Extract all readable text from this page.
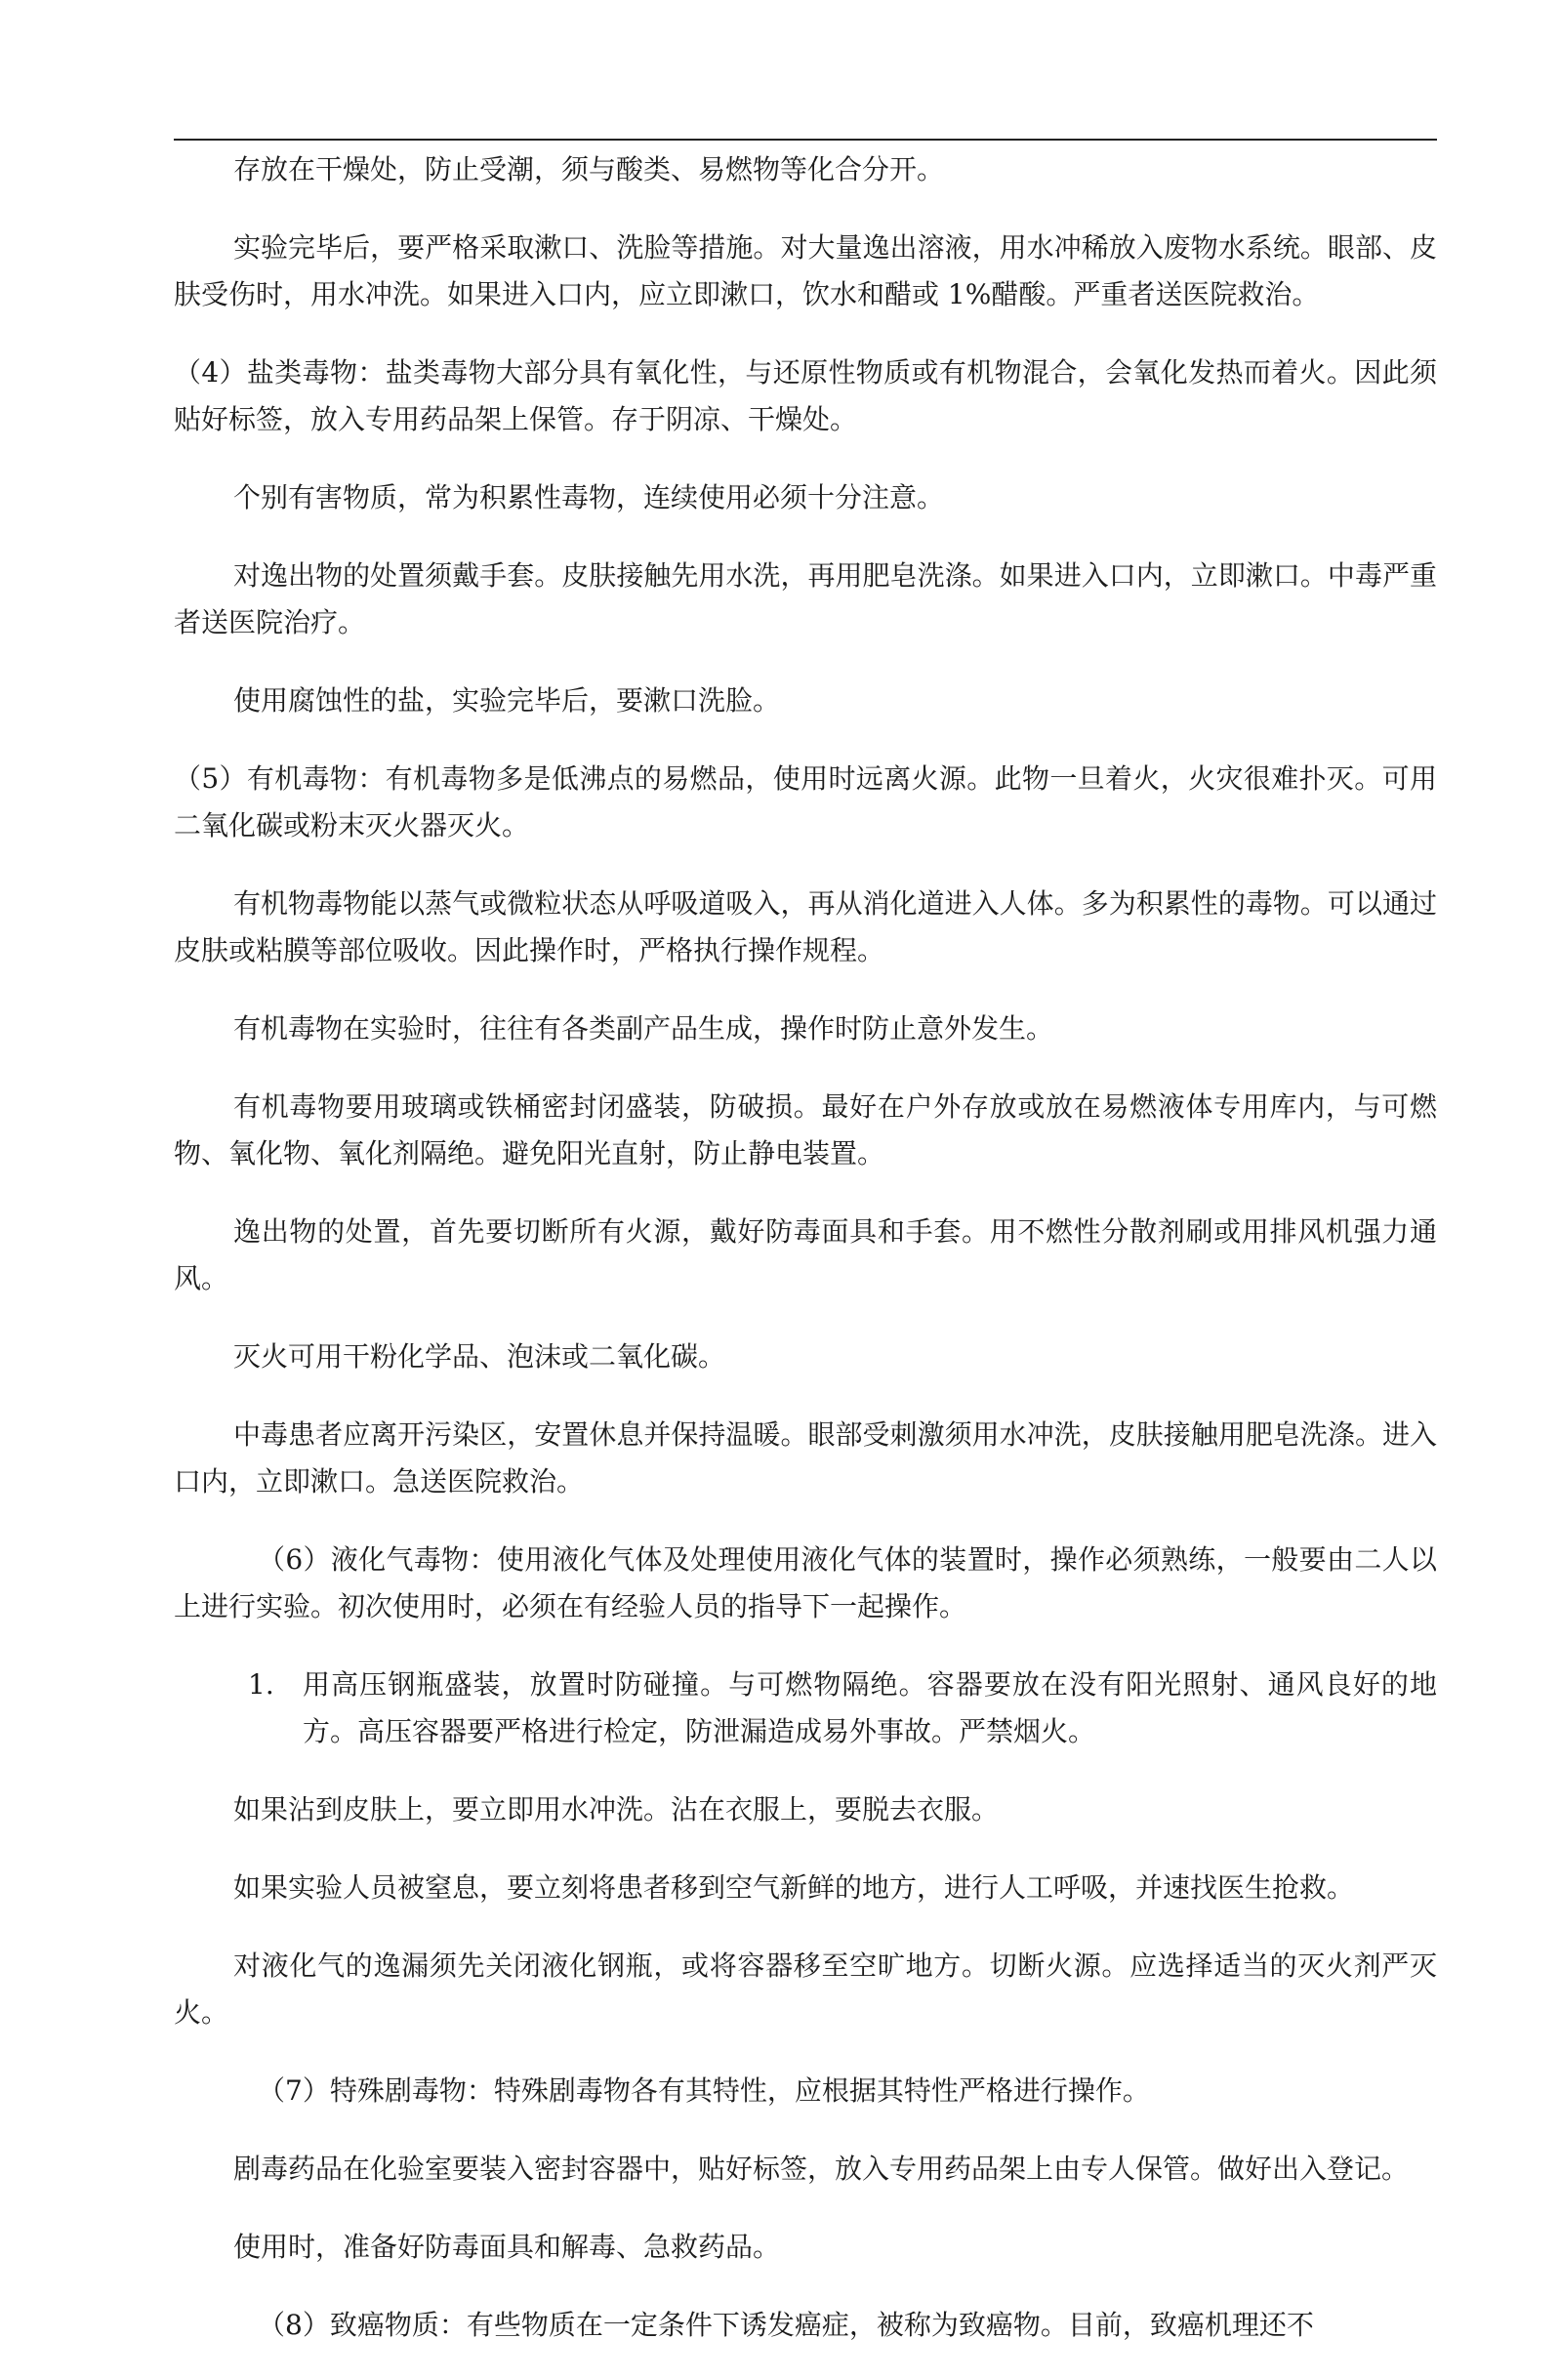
存放在干燥处，防止受潮，须与酸类、易燃物等化合分开。

实验完毕后，要严格采取漱口、洗脸等措施。对大量逸出溶液，用水冲稀放入废物水系统。眼部、皮肤受伤时，用水冲洗。如果进入口内，应立即漱口，饮水和醋或 1%醋酸。严重者送医院救治。

（4）盐类毒物：盐类毒物大部分具有氧化性，与还原性物质或有机物混合，会氧化发热而着火。因此须贴好标签，放入专用药品架上保管。存于阴凉、干燥处。

个别有害物质，常为积累性毒物，连续使用必须十分注意。

对逸出物的处置须戴手套。皮肤接触先用水洗，再用肥皂洗涤。如果进入口内，立即漱口。中毒严重者送医院治疗。

使用腐蚀性的盐，实验完毕后，要漱口洗脸。

（5）有机毒物：有机毒物多是低沸点的易燃品，使用时远离火源。此物一旦着火，火灾很难扑灭。可用二氧化碳或粉末灭火器灭火。

有机物毒物能以蒸气或微粒状态从呼吸道吸入，再从消化道进入人体。多为积累性的毒物。可以通过皮肤或粘膜等部位吸收。因此操作时，严格执行操作规程。

有机毒物在实验时，往往有各类副产品生成，操作时防止意外发生。

有机毒物要用玻璃或铁桶密封闭盛装，防破损。最好在户外存放或放在易燃液体专用库内，与可燃物、氧化物、氧化剂隔绝。避免阳光直射，防止静电装置。

逸出物的处置，首先要切断所有火源，戴好防毒面具和手套。用不燃性分散剂刷或用排风机强力通风。

灭火可用干粉化学品、泡沫或二氧化碳。

中毒患者应离开污染区，安置休息并保持温暖。眼部受刺激须用水冲洗，皮肤接触用肥皂洗涤。进入口内，立即漱口。急送医院救治。

（6）液化气毒物：使用液化气体及处理使用液化气体的装置时，操作必须熟练，一般要由二人以上进行实验。初次使用时，必须在有经验人员的指导下一起操作。

1. 用高压钢瓶盛装，放置时防碰撞。与可燃物隔绝。容器要放在没有阳光照射、通风良好的地方。高压容器要严格进行检定，防泄漏造成易外事故。严禁烟火。

如果沾到皮肤上，要立即用水冲洗。沾在衣服上，要脱去衣服。

如果实验人员被窒息，要立刻将患者移到空气新鲜的地方，进行人工呼吸，并速找医生抢救。

对液化气的逸漏须先关闭液化钢瓶，或将容器移至空旷地方。切断火源。应选择适当的灭火剂严灭火。

（7）特殊剧毒物：特殊剧毒物各有其特性，应根据其特性严格进行操作。

剧毒药品在化验室要装入密封容器中，贴好标签，放入专用药品架上由专人保管。做好出入登记。

使用时，准备好防毒面具和解毒、急救药品。

（8）致癌物质：有些物质在一定条件下诱发癌症，被称为致癌物。目前，致癌机理还不
